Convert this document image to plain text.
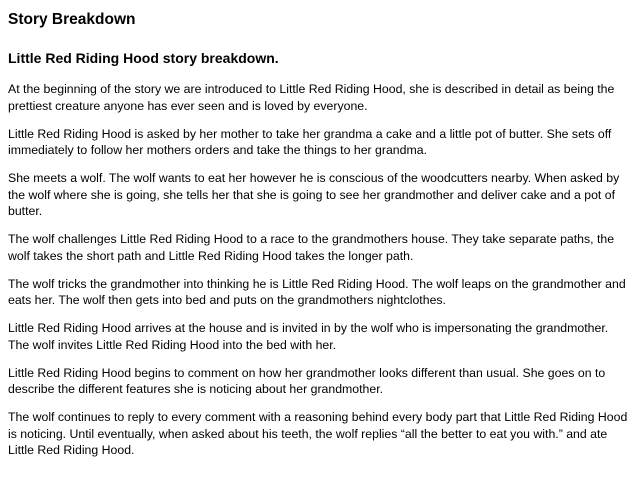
Story Breakdown
Little Red Riding Hood story breakdown.

At the beginning of the story we are introduced to Little Red Riding Hood, she is described in detail as being the prettiest creature anyone has ever seen and is loved by everyone.

Little Red Riding Hood is asked by her mother to take her grandma a cake and a little pot of butter. She sets off immediately to follow her mothers orders and take the things to her grandma.

She meets a wolf. The wolf wants to eat her however he is conscious of the woodcutters nearby. When asked by the wolf where she is going, she tells her that she is going to see her grandmother and deliver cake and a pot of butter.

The wolf challenges Little Red Riding Hood to a race to the grandmothers house. They take separate paths, the wolf takes the short path and Little Red Riding Hood takes the longer path.

The wolf tricks the grandmother into thinking he is Little Red Riding Hood. The wolf leaps on the grandmother and eats her. The wolf then gets into bed and puts on the grandmothers nightclothes.

Little Red Riding Hood arrives at the house and is invited in by the wolf who is impersonating the grandmother. The wolf invites Little Red Riding Hood into the bed with her.

Little Red Riding Hood begins to comment on how her grandmother looks different than usual. She goes on to describe the different features she is noticing about her grandmother.

The wolf continues to reply to every comment with a reasoning behind every body part that Little Red Riding Hood is noticing. Until eventually, when asked about his teeth, the wolf replies “all the better to eat you with.” and ate Little Red Riding Hood.
